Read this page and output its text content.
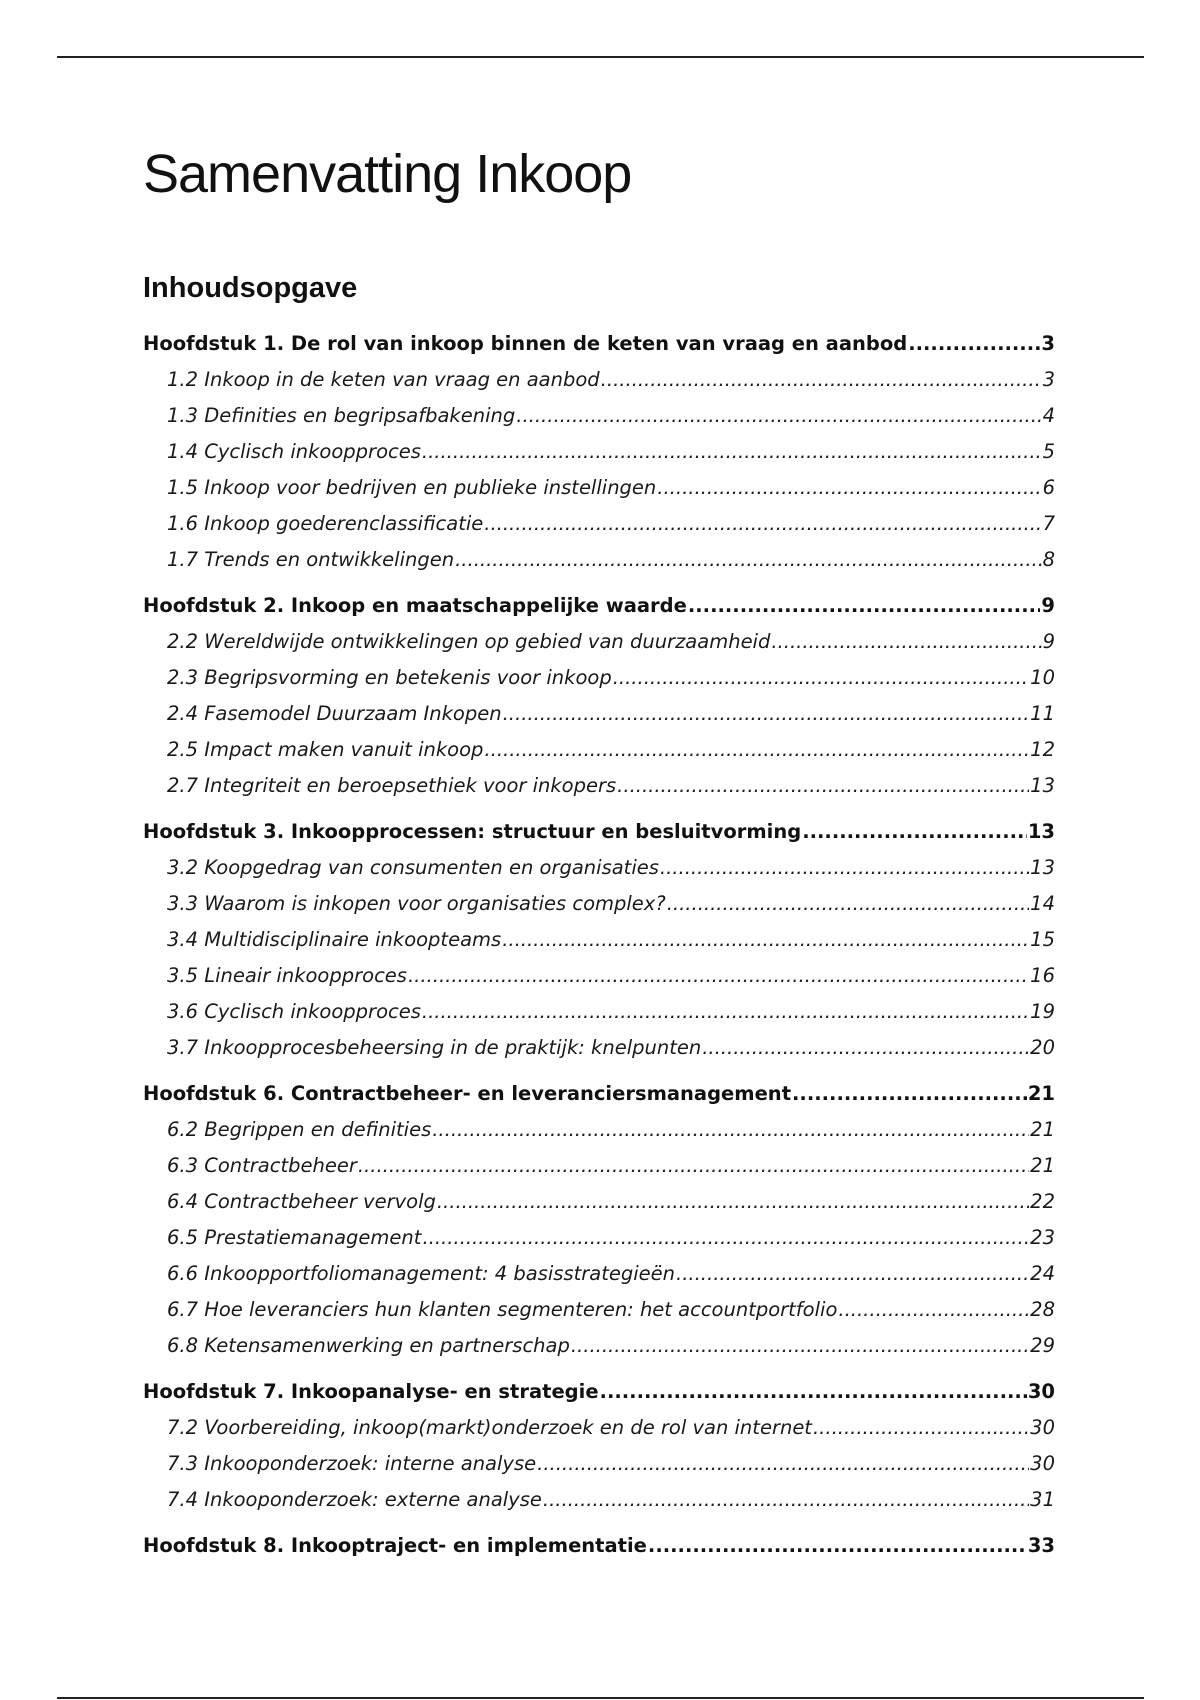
Samenvatting Inkoop
Inhoudsopgave
Hoofdstuk 1. De rol van inkoop binnen de keten van vraag en aanbod .....	3
1.2 Inkoop in de keten van vraag en aanbod .....	3
1.3 Definities en begripsafbakening .....	4
1.4 Cyclisch inkoopproces .....	5
1.5 Inkoop voor bedrijven en publieke instellingen .....	6
1.6 Inkoop goederenclassificatie .....	7
1.7 Trends en ontwikkelingen .....	8
Hoofdstuk 2. Inkoop en maatschappelijke waarde .....	9
2.2 Wereldwijde ontwikkelingen op gebied van duurzaamheid .....	9
2.3 Begripsvorming en betekenis voor inkoop .....	10
2.4 Fasemodel Duurzaam Inkopen .....	11
2.5 Impact maken vanuit inkoop .....	12
2.7 Integriteit en beroepsethiek voor inkopers .....	13
Hoofdstuk 3. Inkoopprocessen: structuur en besluitvorming .....	13
3.2 Koopgedrag van consumenten en organisaties .....	13
3.3 Waarom is inkopen voor organisaties complex? .....	14
3.4 Multidisciplinaire inkoopteams .....	15
3.5 Lineair inkoopproces .....	16
3.6 Cyclisch inkoopproces .....	19
3.7 Inkoopprocesbeheersing in de praktijk: knelpunten .....	20
Hoofdstuk 6. Contractbeheer- en leveranciersmanagement .....	21
6.2 Begrippen en definities .....	21
6.3 Contractbeheer .....	21
6.4 Contractbeheer vervolg .....	22
6.5 Prestatiemanagement .....	23
6.6 Inkoopportfoliomanagement: 4 basisstrategieën .....	24
6.7 Hoe leveranciers hun klanten segmenteren: het accountportfolio .....	28
6.8 Ketensamenwerking en partnerschap .....	29
Hoofdstuk 7. Inkoopanalyse- en strategie .....	30
7.2 Voorbereiding, inkoop(markt)onderzoek en de rol van internet .....	30
7.3 Inkooponderzoek: interne analyse .....	30
7.4 Inkooponderzoek: externe analyse .....	31
Hoofdstuk 8. Inkooptraject- en implementatie .....	33
